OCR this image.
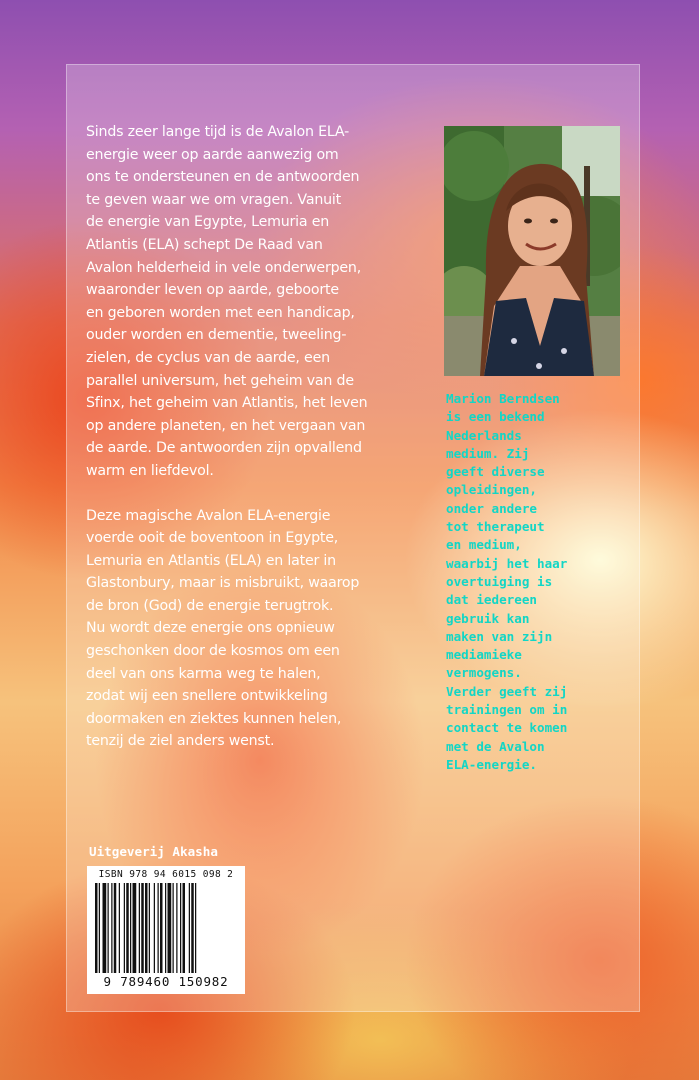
Sinds zeer lange tijd is de Avalon ELA-
energie weer op aarde aanwezig om
ons te ondersteunen en de antwoorden
te geven waar we om vragen. Vanuit
de energie van Egypte, Lemuria en
Atlantis (ELA) schept De Raad van
Avalon helderheid in vele onderwerpen,
waaronder leven op aarde, geboorte
en geboren worden met een handicap,
ouder worden en dementie, tweeling-
zielen, de cyclus van de aarde, een
parallel universum, het geheim van de
Sfinx, het geheim van Atlantis, het leven
op andere planeten, en het vergaan van
de aarde. De antwoorden zijn opvallend
warm en liefdevol.

Deze magische Avalon ELA-energie
voerde ooit de boventoon in Egypte,
Lemuria en Atlantis (ELA) en later in
Glastonbury, maar is misbruikt, waarop
de bron (God) de energie terugtrok.
Nu wordt deze energie ons opnieuw
geschonken door de kosmos om een
deel van ons karma weg te halen,
zodat wij een snellere ontwikkeling
doormaken en ziektes kunnen helen,
tenzij de ziel anders wenst.

Marion Berndsen
is een bekend
Nederlands
medium. Zij
geeft diverse
opleidingen,
onder andere
tot therapeut
en medium,
waarbij het haar
overtuiging is
dat iedereen
gebruik kan
maken van zijn
mediamieke
vermogens.
Verder geeft zij
trainingen om in
contact te komen
met de Avalon
ELA-energie.
Uitgeverij Akasha
ISBN 978 94 6015 098 2
9 789460 150982
